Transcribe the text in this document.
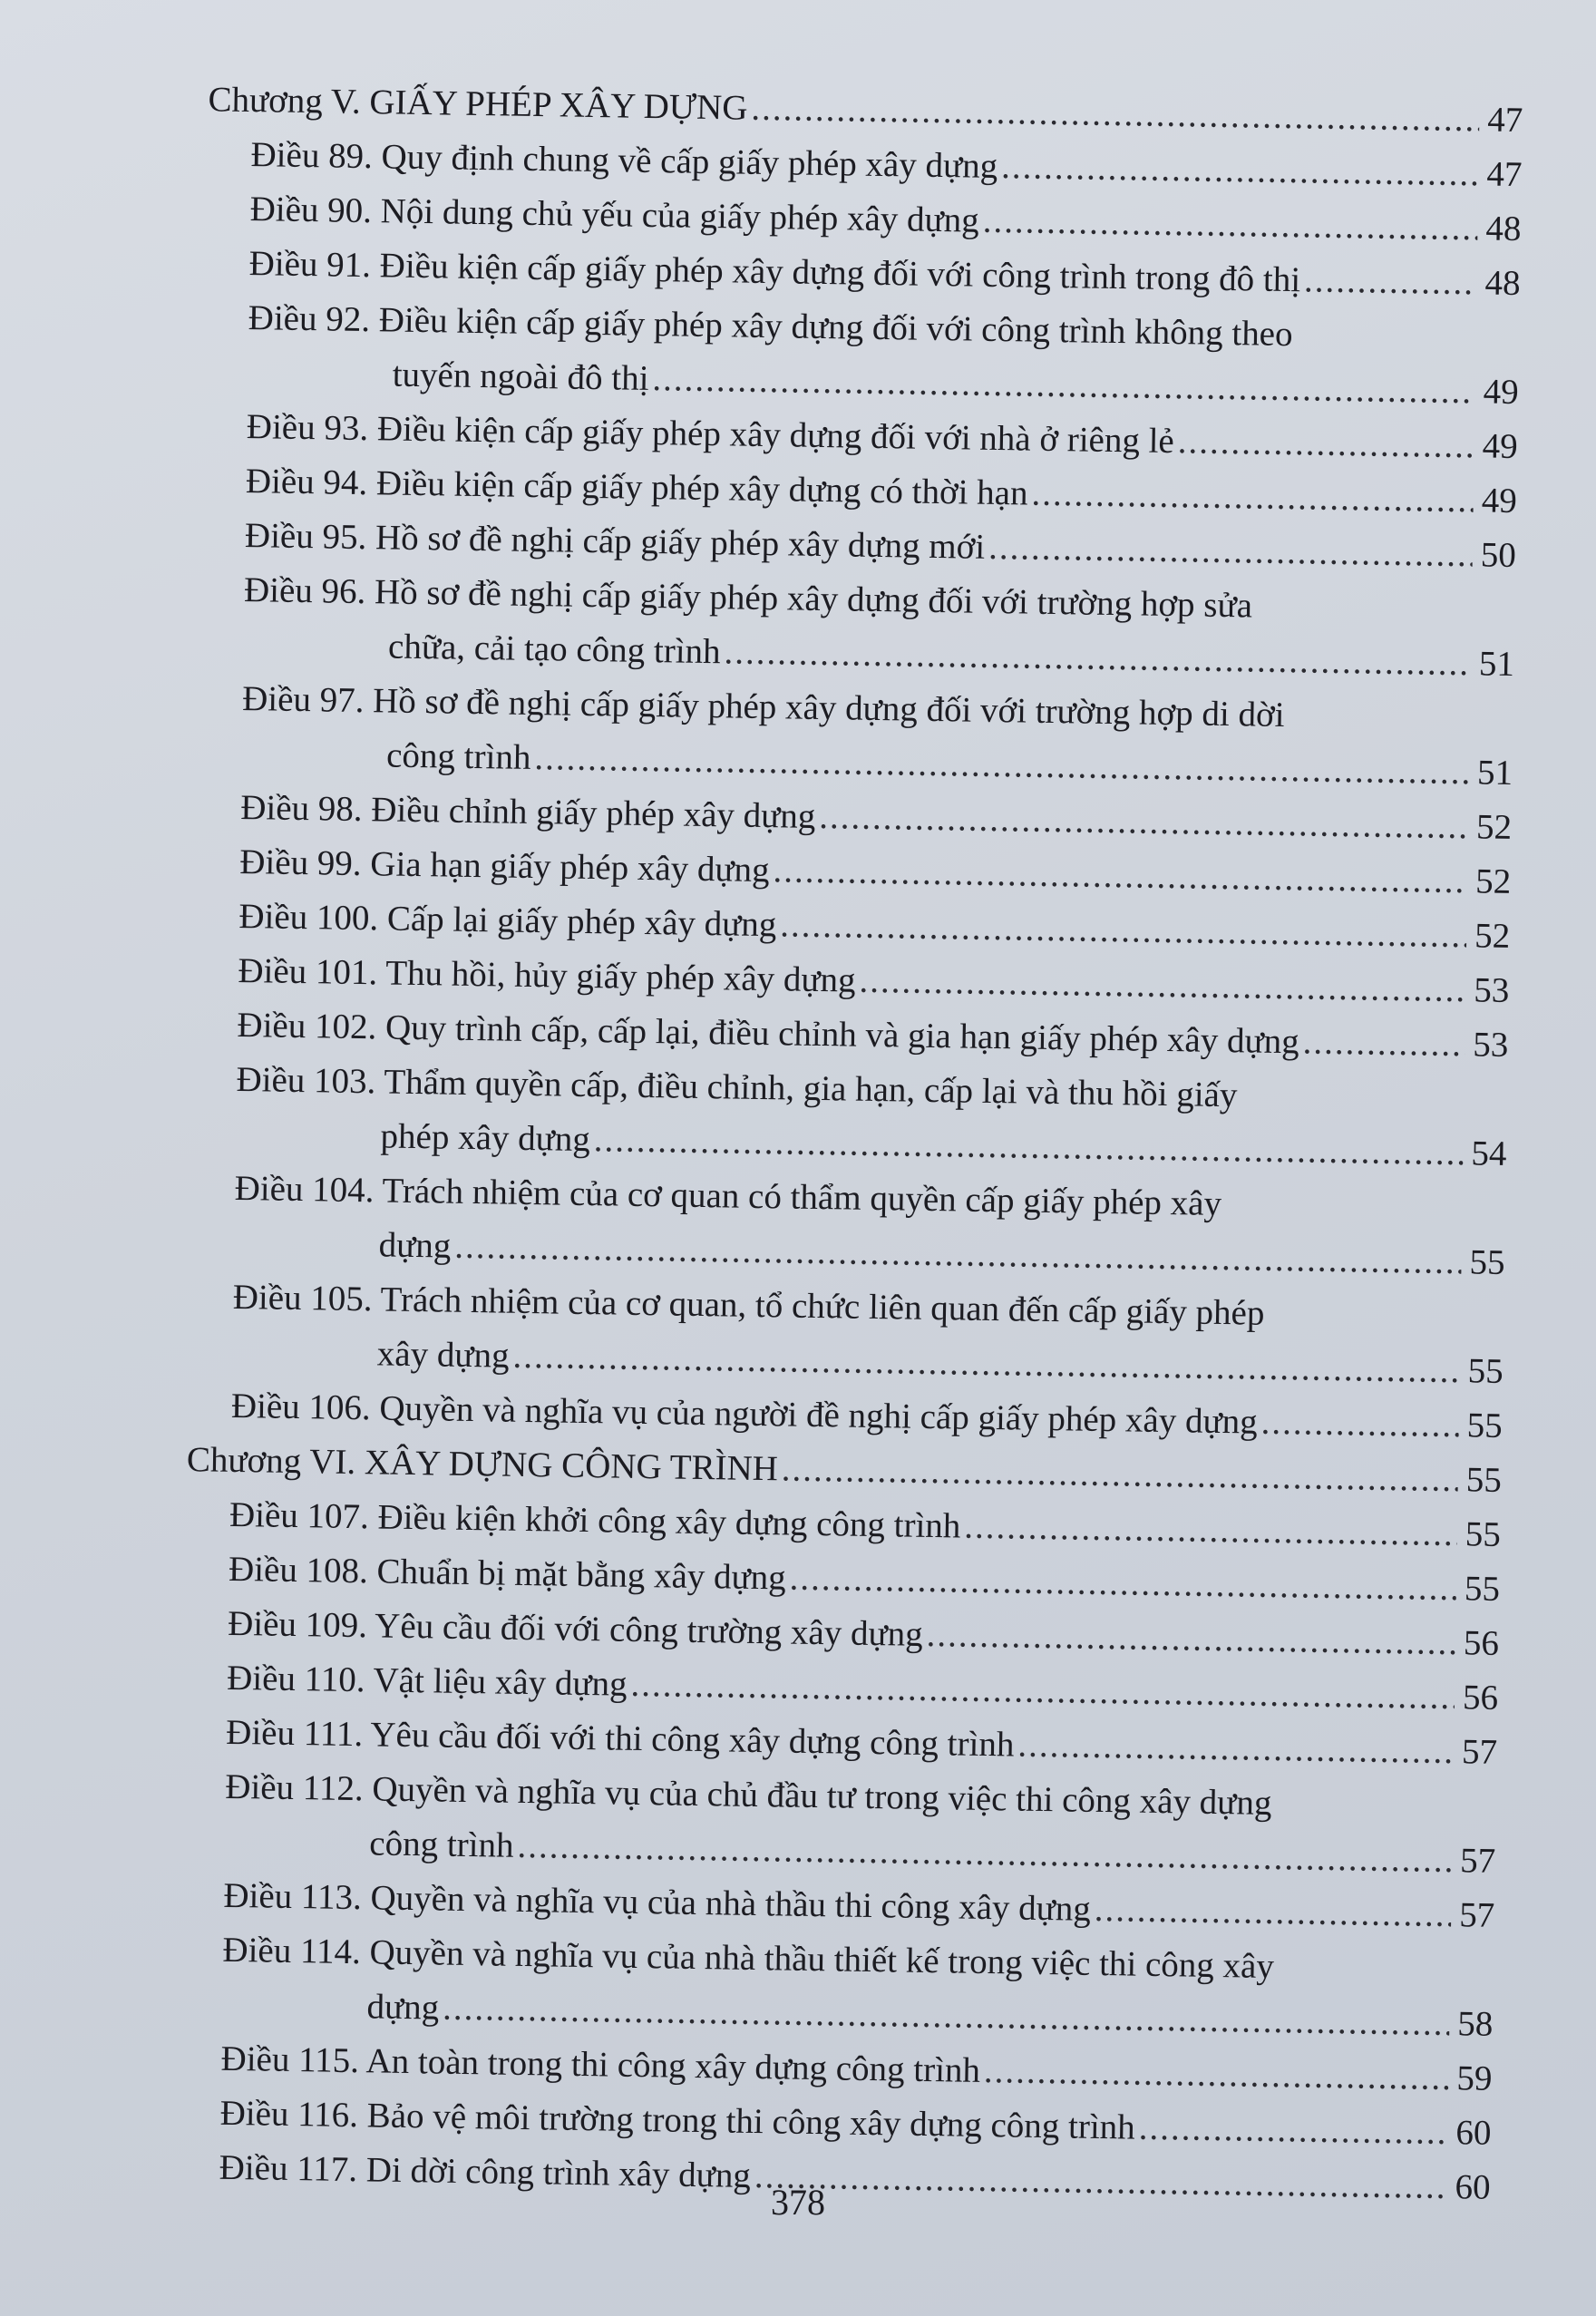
Chương V. GIẤY PHÉP XÂY DỰNG .....	47
Điều 89. Quy định chung về cấp giấy phép xây dựng .....	47
Điều 90. Nội dung chủ yếu của giấy phép xây dựng .....	48
Điều 91. Điều kiện cấp giấy phép xây dựng đối với công trình trong đô thị .....	48
Điều 92. Điều kiện cấp giấy phép xây dựng đối với công trình không theo
tuyến ngoài đô thị .....	49
Điều 93. Điều kiện cấp giấy phép xây dựng đối với nhà ở riêng lẻ .....	49
Điều 94. Điều kiện cấp giấy phép xây dựng có thời hạn .....	49
Điều 95. Hồ sơ đề nghị cấp giấy phép xây dựng mới .....	50
Điều 96. Hồ sơ đề nghị cấp giấy phép xây dựng đối với trường hợp sửa
chữa, cải tạo công trình .....	51
Điều 97. Hồ sơ đề nghị cấp giấy phép xây dựng đối với trường hợp di dời
công trình .....	51
Điều 98. Điều chỉnh giấy phép xây dựng .....	52
Điều 99. Gia hạn giấy phép xây dựng .....	52
Điều 100. Cấp lại giấy phép xây dựng .....	52
Điều 101. Thu hồi, hủy giấy phép xây dựng .....	53
Điều 102. Quy trình cấp, cấp lại, điều chỉnh và gia hạn giấy phép xây dựng .....	53
Điều 103. Thẩm quyền cấp, điều chỉnh, gia hạn, cấp lại và thu hồi giấy
phép xây dựng .....	54
Điều 104. Trách nhiệm của cơ quan có thẩm quyền cấp giấy phép xây
dựng .....	55
Điều 105. Trách nhiệm của cơ quan, tổ chức liên quan đến cấp giấy phép
xây dựng .....	55
Điều 106. Quyền và nghĩa vụ của người đề nghị cấp giấy phép xây dựng .....	55
Chương VI. XÂY DỰNG CÔNG TRÌNH .....	55
Điều 107. Điều kiện khởi công xây dựng công trình .....	55
Điều 108. Chuẩn bị mặt bằng xây dựng .....	55
Điều 109. Yêu cầu đối với công trường xây dựng .....	56
Điều 110. Vật liệu xây dựng .....	56
Điều 111. Yêu cầu đối với thi công xây dựng công trình .....	57
Điều 112. Quyền và nghĩa vụ của chủ đầu tư trong việc thi công xây dựng
công trình .....	57
Điều 113. Quyền và nghĩa vụ của nhà thầu thi công xây dựng .....	57
Điều 114. Quyền và nghĩa vụ của nhà thầu thiết kế trong việc thi công xây
dựng .....	58
Điều 115. An toàn trong thi công xây dựng công trình .....	59
Điều 116. Bảo vệ môi trường trong thi công xây dựng công trình .....	60
Điều 117. Di dời công trình xây dựng .....	60
378
